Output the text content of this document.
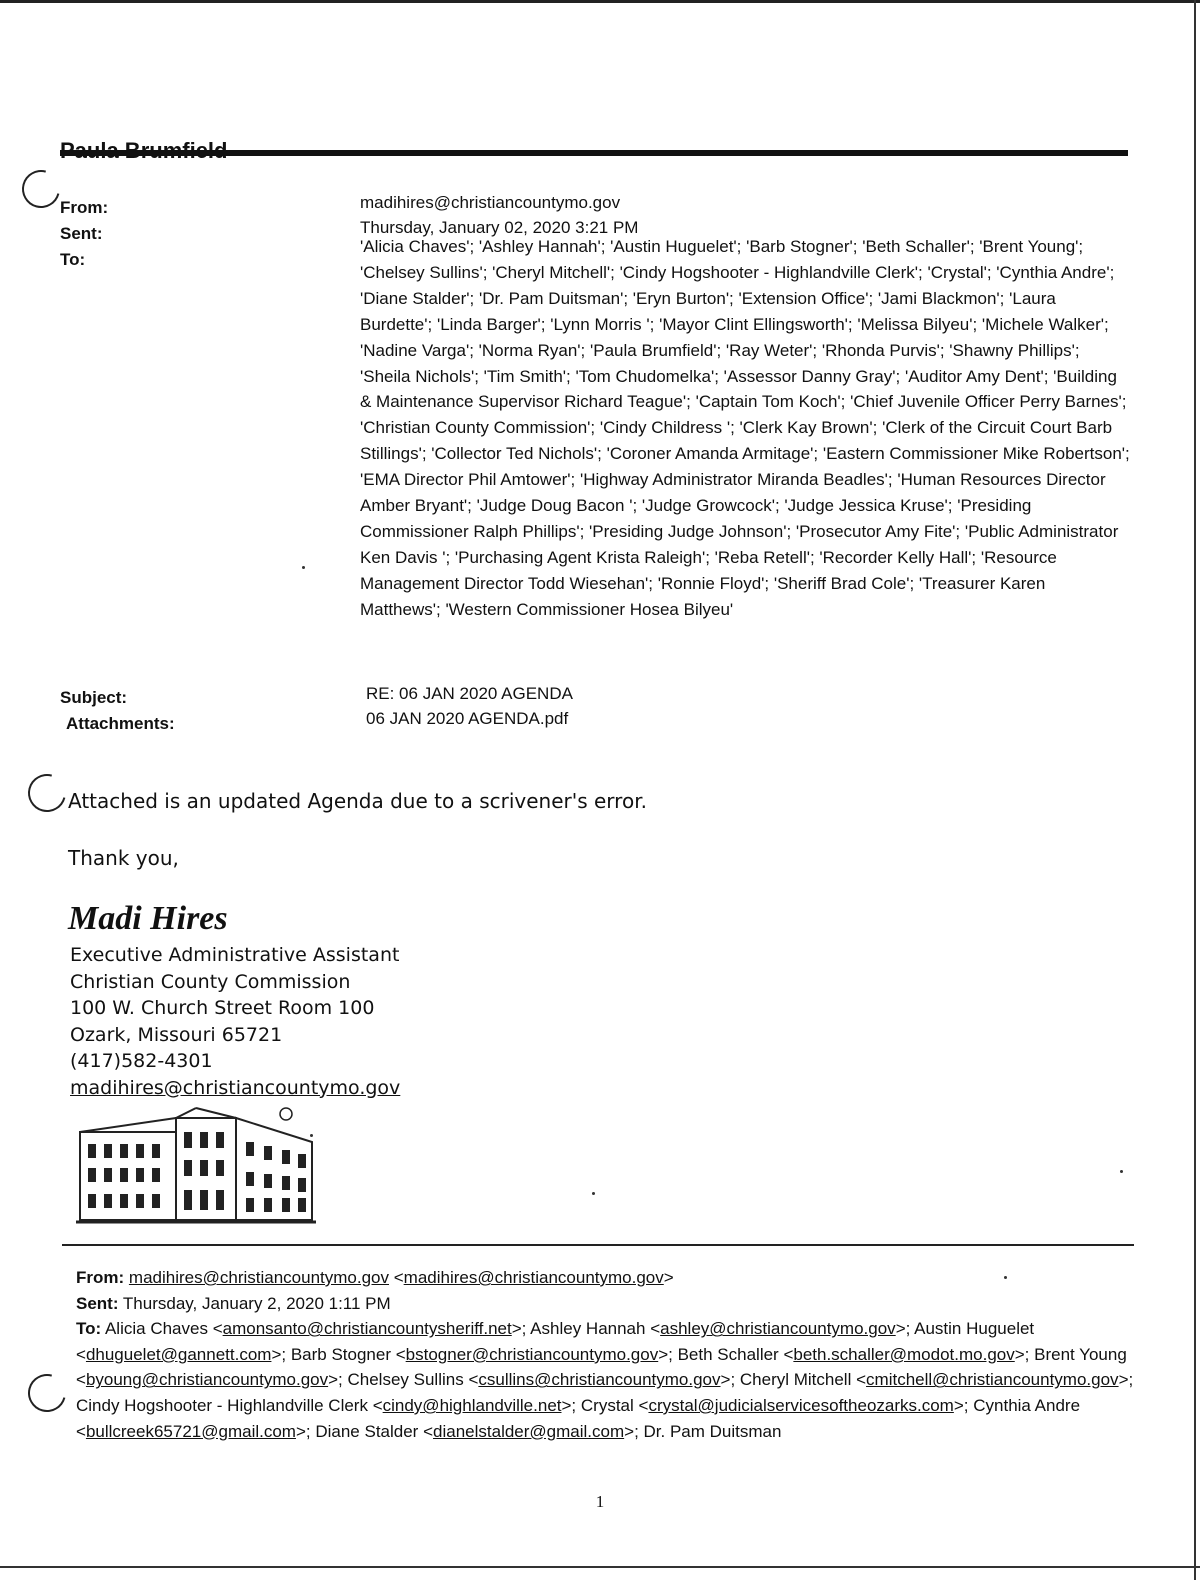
From:	madihires@christiancountymo.gov
Sent:	Thursday, January 02, 2020 3:21 PM
To:
'Alicia Chaves'; 'Ashley Hannah'; 'Austin Huguelet'; 'Barb Stogner'; 'Beth Schaller'; 'Brent Young'; 'Chelsey Sullins'; 'Cheryl Mitchell'; 'Cindy Hogshooter - Highlandville Clerk'; 'Crystal'; 'Cynthia Andre'; 'Diane Stalder'; 'Dr. Pam Duitsman'; 'Eryn Burton'; 'Extension Office'; 'Jami Blackmon'; 'Laura Burdette'; 'Linda Barger'; 'Lynn Morris '; 'Mayor Clint Ellingsworth'; 'Melissa Bilyeu'; 'Michele Walker'; 'Nadine Varga'; 'Norma Ryan'; 'Paula Brumfield'; 'Ray Weter'; 'Rhonda Purvis'; 'Shawny Phillips'; 'Sheila Nichols'; 'Tim Smith'; 'Tom Chudomelka'; 'Assessor Danny Gray'; 'Auditor Amy Dent'; 'Building & Maintenance Supervisor Richard Teague'; 'Captain Tom Koch'; 'Chief Juvenile Officer Perry Barnes'; 'Christian County Commission'; 'Cindy Childress '; 'Clerk Kay Brown'; 'Clerk of the Circuit Court Barb Stillings'; 'Collector Ted Nichols'; 'Coroner Amanda Armitage'; 'Eastern Commissioner Mike Robertson'; 'EMA Director Phil Amtower'; 'Highway Administrator Miranda Beadles'; 'Human Resources Director Amber Bryant'; 'Judge Doug Bacon '; 'Judge Growcock'; 'Judge Jessica Kruse'; 'Presiding Commissioner Ralph Phillips'; 'Presiding Judge Johnson'; 'Prosecutor Amy Fite'; 'Public Administrator Ken Davis '; 'Purchasing Agent Krista Raleigh'; 'Reba Retell'; 'Recorder Kelly Hall'; 'Resource Management Director Todd Wiesehan'; 'Ronnie Floyd'; 'Sheriff Brad Cole'; 'Treasurer Karen Matthews'; 'Western Commissioner Hosea Bilyeu'
Subject:	RE: 06 JAN 2020 AGENDA
Attachments:	06 JAN 2020 AGENDA.pdf
Attached is an updated Agenda due to a scrivener's error.
Thank you,
Madi Hires
Executive Administrative Assistant
Christian County Commission
100 W. Church Street Room 100
Ozark, Missouri 65721
(417)582-4301
madihires@christiancountymo.gov
From: madihires@christiancountymo.gov <madihires@christiancountymo.gov>
Sent: Thursday, January 2, 2020 1:11 PM
To: Alicia Chaves <amonsanto@christiancountysheriff.net>; Ashley Hannah <ashley@christiancountymo.gov>; Austin Huguelet <dhuguelet@gannett.com>; Barb Stogner <bstogner@christiancountymo.gov>; Beth Schaller <beth.schaller@modot.mo.gov>; Brent Young <byoung@christiancountymo.gov>; Chelsey Sullins <csullins@christiancountymo.gov>; Cheryl Mitchell <cmitchell@christiancountymo.gov>; Cindy Hogshooter - Highlandville Clerk <cindy@highlandville.net>; Crystal <crystal@judicialservicesoftheozarks.com>; Cynthia Andre <bullcreek65721@gmail.com>; Diane Stalder <dianelstalder@gmail.com>; Dr. Pam Duitsman
1
